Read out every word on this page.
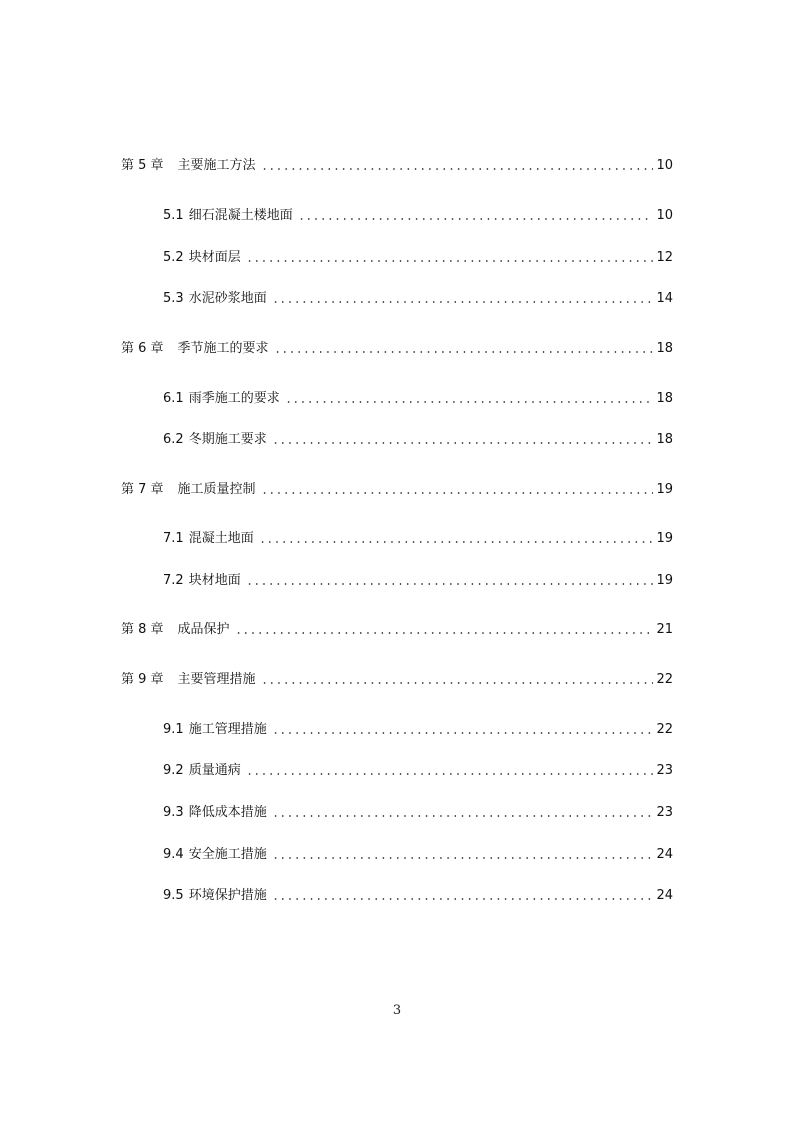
第 5 章 主要施工方法	10
5.1 细石混凝土楼地面	10
5.2 块材面层	12
5.3 水泥砂浆地面	14
第 6 章 季节施工的要求	18
6.1 雨季施工的要求	18
6.2 冬期施工要求	18
第 7 章 施工质量控制	19
7.1 混凝土地面	19
7.2 块材地面	19
第 8 章 成品保护	21
第 9 章 主要管理措施	22
9.1 施工管理措施	22
9.2 质量通病	23
9.3 降低成本措施	23
9.4 安全施工措施	24
9.5 环境保护措施	24
3
